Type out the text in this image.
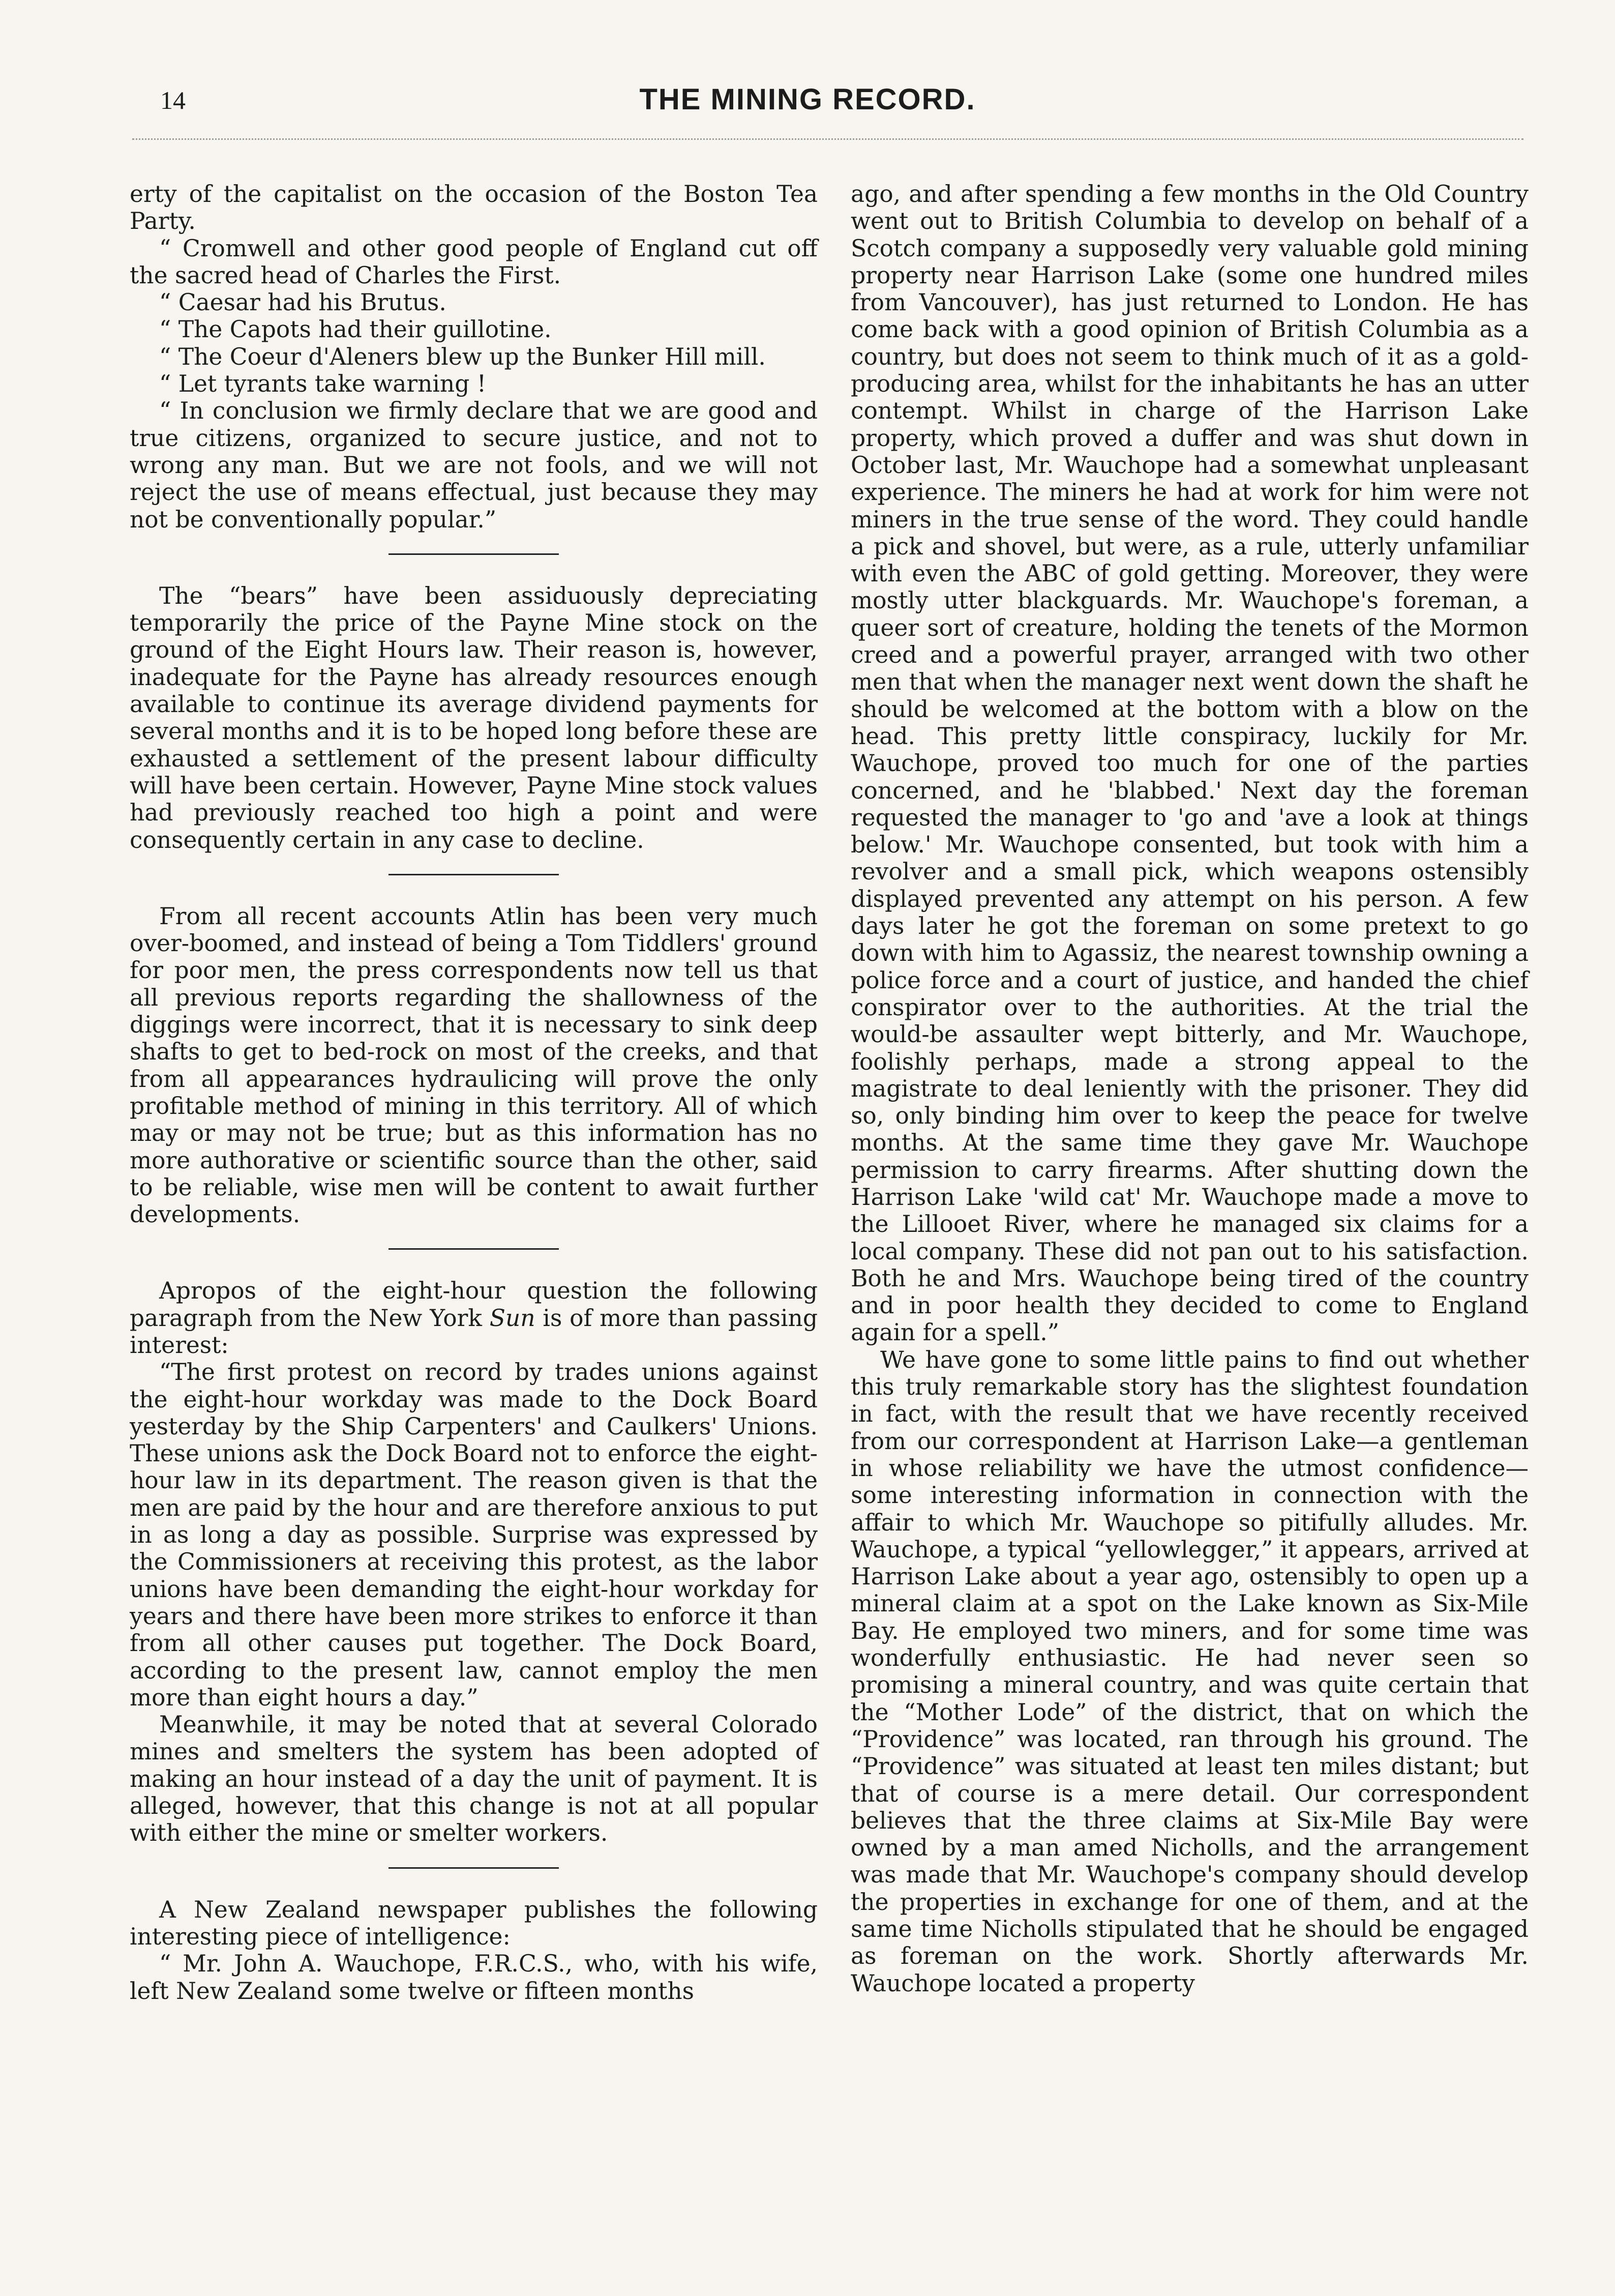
14	THE MINING RECORD.

erty of the capitalist on the occasion of the Boston Tea Party.

“ Cromwell and other good people of England cut off the sacred head of Charles the First.

“ Caesar had his Brutus.

“ The Capots had their guillotine.

“ The Coeur d'Aleners blew up the Bunker Hill mill.

“ Let tyrants take warning !

“ In conclusion we firmly declare that we are good and true citizens, organized to secure justice, and not to wrong any man. But we are not fools, and we will not reject the use of means effectual, just because they may not be conventionally popular.”

The “bears” have been assiduously depreciating temporarily the price of the Payne Mine stock on the ground of the Eight Hours law. Their reason is, however, inadequate for the Payne has already resources enough available to continue its average dividend payments for several months and it is to be hoped long before these are exhausted a settlement of the present labour difficulty will have been certain. However, Payne Mine stock values had previously reached too high a point and were consequently certain in any case to decline.

From all recent accounts Atlin has been very much over-boomed, and instead of being a Tom Tiddlers' ground for poor men, the press correspondents now tell us that all previous reports regarding the shallowness of the diggings were incorrect, that it is necessary to sink deep shafts to get to bed-rock on most of the creeks, and that from all appearances hydraulicing will prove the only profitable method of mining in this territory. All of which may or may not be true; but as this information has no more authorative or scientific source than the other, said to be reliable, wise men will be content to await further developments.

Apropos of the eight-hour question the following paragraph from the New York Sun is of more than passing interest:

“The first protest on record by trades unions against the eight-hour workday was made to the Dock Board yesterday by the Ship Carpenters' and Caulkers' Unions. These unions ask the Dock Board not to enforce the eight-hour law in its department. The reason given is that the men are paid by the hour and are therefore anxious to put in as long a day as possible. Surprise was expressed by the Commissioners at receiving this protest, as the labor unions have been demanding the eight-hour workday for years and there have been more strikes to enforce it than from all other causes put together. The Dock Board, according to the present law, cannot employ the men more than eight hours a day.”

Meanwhile, it may be noted that at several Colorado mines and smelters the system has been adopted of making an hour instead of a day the unit of payment. It is alleged, however, that this change is not at all popular with either the mine or smelter workers.

A New Zealand newspaper publishes the following interesting piece of intelligence:

“ Mr. John A. Wauchope, F.R.C.S., who, with his wife, left New Zealand some twelve or fifteen months

ago, and after spending a few months in the Old Country went out to British Columbia to develop on behalf of a Scotch company a supposedly very valuable gold mining property near Harrison Lake (some one hundred miles from Vancouver), has just returned to London. He has come back with a good opinion of British Columbia as a country, but does not seem to think much of it as a gold-producing area, whilst for the inhabitants he has an utter contempt. Whilst in charge of the Harrison Lake property, which proved a duffer and was shut down in October last, Mr. Wauchope had a somewhat unpleasant experience. The miners he had at work for him were not miners in the true sense of the word. They could handle a pick and shovel, but were, as a rule, utterly unfamiliar with even the ABC of gold getting. Moreover, they were mostly utter blackguards. Mr. Wauchope's foreman, a queer sort of creature, holding the tenets of the Mormon creed and a powerful prayer, arranged with two other men that when the manager next went down the shaft he should be welcomed at the bottom with a blow on the head. This pretty little conspiracy, luckily for Mr. Wauchope, proved too much for one of the parties concerned, and he 'blabbed.' Next day the foreman requested the manager to 'go and 'ave a look at things below.' Mr. Wauchope consented, but took with him a revolver and a small pick, which weapons ostensibly displayed prevented any attempt on his person. A few days later he got the foreman on some pretext to go down with him to Agassiz, the nearest township owning a police force and a court of justice, and handed the chief conspirator over to the authorities. At the trial the would-be assaulter wept bitterly, and Mr. Wauchope, foolishly perhaps, made a strong appeal to the magistrate to deal leniently with the prisoner. They did so, only binding him over to keep the peace for twelve months. At the same time they gave Mr. Wauchope permission to carry firearms. After shutting down the Harrison Lake 'wild cat' Mr. Wauchope made a move to the Lillooet River, where he managed six claims for a local company. These did not pan out to his satisfaction. Both he and Mrs. Wauchope being tired of the country and in poor health they decided to come to England again for a spell.”

We have gone to some little pains to find out whether this truly remarkable story has the slightest foundation in fact, with the result that we have recently received from our correspondent at Harrison Lake—a gentleman in whose reliability we have the utmost confidence—some interesting information in connection with the affair to which Mr. Wauchope so pitifully alludes. Mr. Wauchope, a typical “yellowlegger,” it appears, arrived at Harrison Lake about a year ago, ostensibly to open up a mineral claim at a spot on the Lake known as Six-Mile Bay. He employed two miners, and for some time was wonderfully enthusiastic. He had never seen so promising a mineral country, and was quite certain that the “Mother Lode” of the district, that on which the “Providence” was located, ran through his ground. The “Providence” was situated at least ten miles distant; but that of course is a mere detail. Our correspondent believes that the three claims at Six-Mile Bay were owned by a man amed Nicholls, and the arrangement was made that Mr. Wauchope's company should develop the properties in exchange for one of them, and at the same time Nicholls stipulated that he should be engaged as foreman on the work. Shortly afterwards Mr. Wauchope located a property
